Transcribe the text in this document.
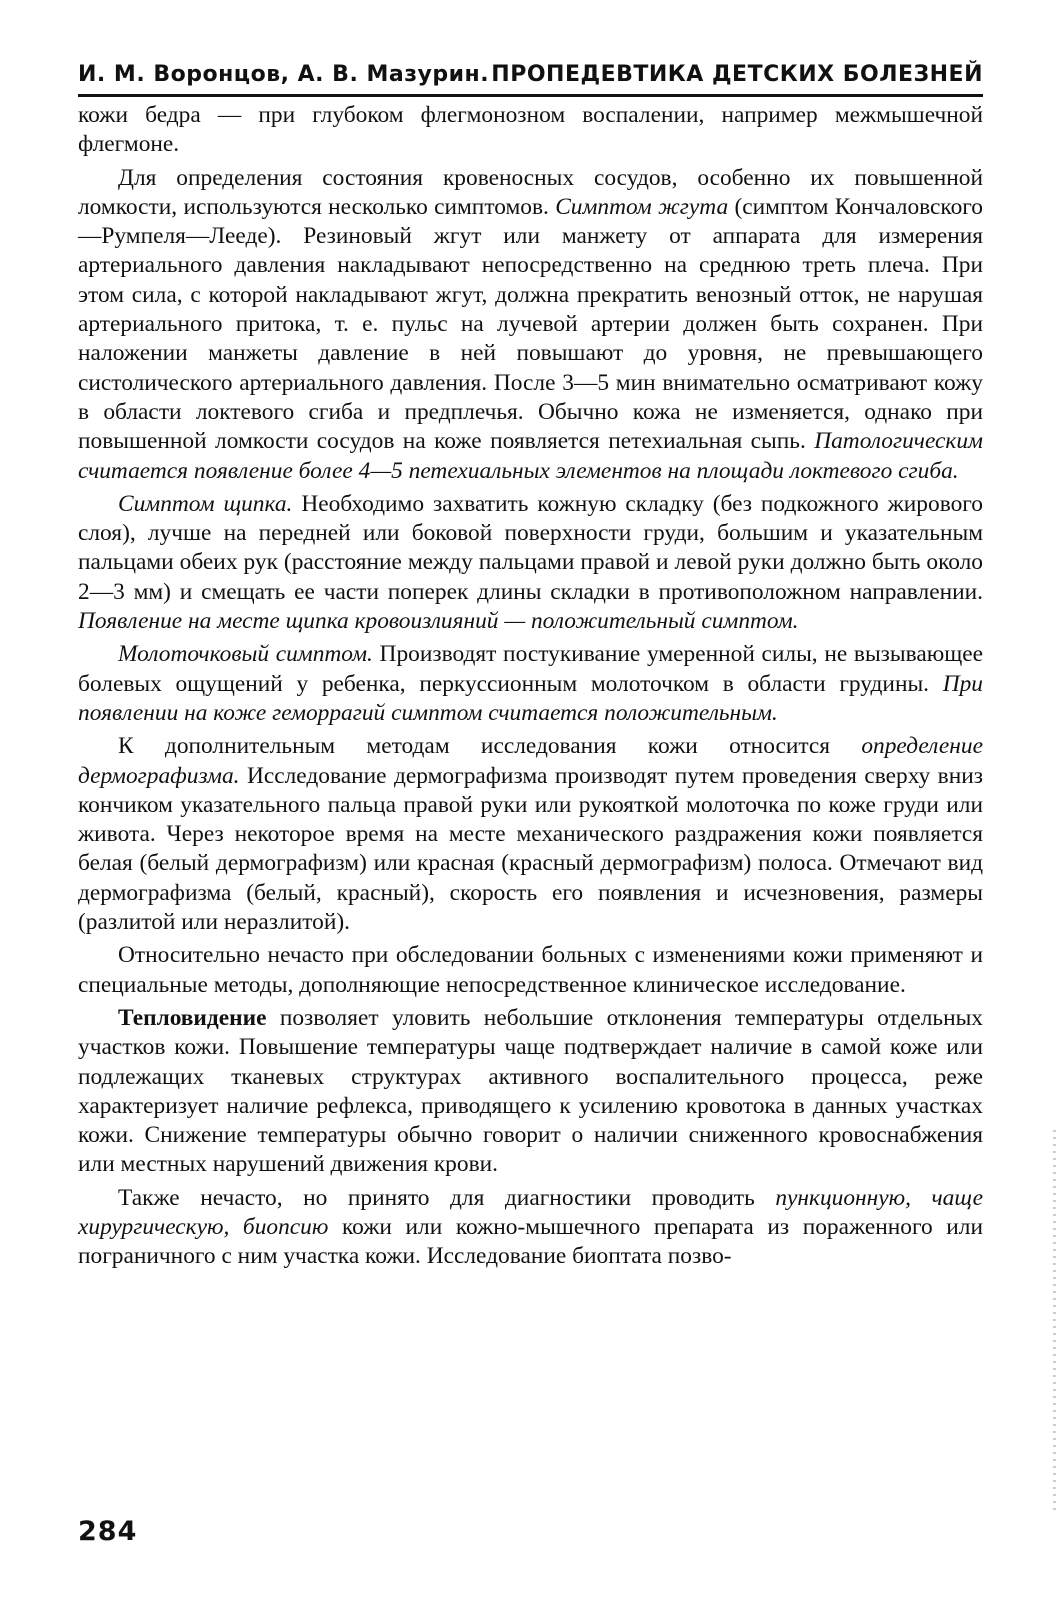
И. М. Воронцов, А. В. Мазурин. ПРОПЕДЕВТИКА ДЕТСКИХ БОЛЕЗНЕЙ

кожи бедра — при глубоком флегмонозном воспалении, например межмышечной флегмоне.

Для определения состояния кровеносных сосудов, особенно их повышенной ломкости, используются несколько симптомов. Симптом жгута (симптом Кончаловского—Румпеля—Лееде). Резиновый жгут или манжету от аппарата для измерения артериального давления накладывают непосредственно на среднюю треть плеча. При этом сила, с которой накладывают жгут, должна прекратить венозный отток, не нарушая артериального притока, т. е. пульс на лучевой артерии должен быть сохранен. При наложении манжеты давление в ней повышают до уровня, не превышающего систолического артериального давления. После 3—5 мин внимательно осматривают кожу в области локтевого сгиба и предплечья. Обычно кожа не изменяется, однако при повышенной ломкости сосудов на коже появляется петехиальная сыпь. Патологическим считается появление более 4—5 петехиальных элементов на площади локтевого сгиба.

Симптом щипка. Необходимо захватить кожную складку (без подкожного жирового слоя), лучше на передней или боковой поверхности груди, большим и указательным пальцами обеих рук (расстояние между пальцами правой и левой руки должно быть около 2—3 мм) и смещать ее части поперек длины складки в противоположном направлении. Появление на месте щипка кровоизлияний — положительный симптом.

Молоточковый симптом. Производят постукивание умеренной силы, не вызывающее болевых ощущений у ребенка, перкуссионным молоточком в области грудины. При появлении на коже геморрагий симптом считается положительным.

К дополнительным методам исследования кожи относится определение дермографизма. Исследование дермографизма производят путем проведения сверху вниз кончиком указательного пальца правой руки или рукояткой молоточка по коже груди или живота. Через некоторое время на месте механического раздражения кожи появляется белая (белый дермографизм) или красная (красный дермографизм) полоса. Отмечают вид дермографизма (белый, красный), скорость его появления и исчезновения, размеры (разлитой или неразлитой).

Относительно нечасто при обследовании больных с изменениями кожи применяют и специальные методы, дополняющие непосредственное клиническое исследование.

Тепловидение позволяет уловить небольшие отклонения температуры отдельных участков кожи. Повышение температуры чаще подтверждает наличие в самой коже или подлежащих тканевых структурах активного воспалительного процесса, реже характеризует наличие рефлекса, приводящего к усилению кровотока в данных участках кожи. Снижение температуры обычно говорит о наличии сниженного кровоснабжения или местных нарушений движения крови.

Также нечасто, но принято для диагностики проводить пункционную, чаще хирургическую, биопсию кожи или кожно-мышечного препарата из пораженного или пограничного с ним участка кожи. Исследование биоптата позво-

284
